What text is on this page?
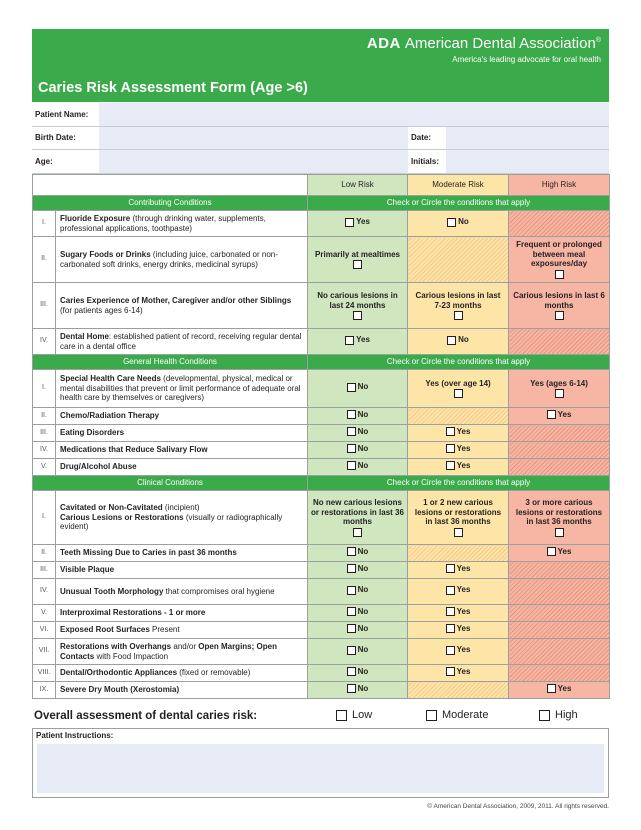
ADA American Dental Association®
America's leading advocate for oral health
Caries Risk Assessment Form (Age >6)
Patient Name:
Birth Date:	Date:
Age:	Initials:
		Low Risk	Moderate Risk	High Risk
Contributing Conditions		Check or Circle the conditions that apply		
I.	Fluoride Exposure (through drinking water, supplements, professional applications, toothpaste)	Yes	No	

II.	Sugary Foods or Drinks (including juice, carbonated or non-carbonated soft drinks, energy drinks, medicinal syrups)	Primarily at mealtimes		Frequent or prolonged between meal exposures/day

III.	Caries Experience of Mother, Caregiver and/or other Siblings (for patients ages 6-14)	No carious lesions in last 24 months	Carious lesions in last 7-23 months	Carious lesions in last 6 months

IV.	Dental Home: established patient of record, receiving regular dental care in a dental office	Yes	No	

General Health Conditions		Check or Circle the conditions that apply		
I.	Special Health Care Needs (developmental, physical, medical or mental disabilities that prevent or limit performance of adequate oral health care by themselves or caregivers)	No	Yes (over age 14)	Yes (ages 6-14)

II.	Chemo/Radiation Therapy	No		Yes

III.	Eating Disorders	No	Yes	

IV.	Medications that Reduce Salivary Flow	No	Yes	

V.	Drug/Alcohol Abuse	No	Yes	

Clinical Conditions		Check or Circle the conditions that apply		
I.	Cavitated or Non-Cavitated (incipient)
Carious Lesions or Restorations (visually or radiographically evident)	No new carious lesions or restorations in last 36 months	1 or 2 new carious lesions or restorations in last 36 months	3 or more carious lesions or restorations in last 36 months

II.	Teeth Missing Due to Caries in past 36 months	No		Yes

III.	Visible Plaque	No	Yes	

IV.	Unusual Tooth Morphology that compromises oral hygiene	No	Yes	

V.	Interproximal Restorations - 1 or more	No	Yes	

VI.	Exposed Root Surfaces Present	No	Yes	

VII.	Restorations with Overhangs and/or Open Margins; Open Contacts with Food Impaction	No	Yes	

VIII.	Dental/Orthodontic Appliances (fixed or removable)	No	Yes	

IX.	Severe Dry Mouth (Xerostomia)	No		Yes
Overall assessment of dental caries risk:	Low	Moderate	High
Patient Instructions:
© American Dental Association, 2009, 2011. All rights reserved.
